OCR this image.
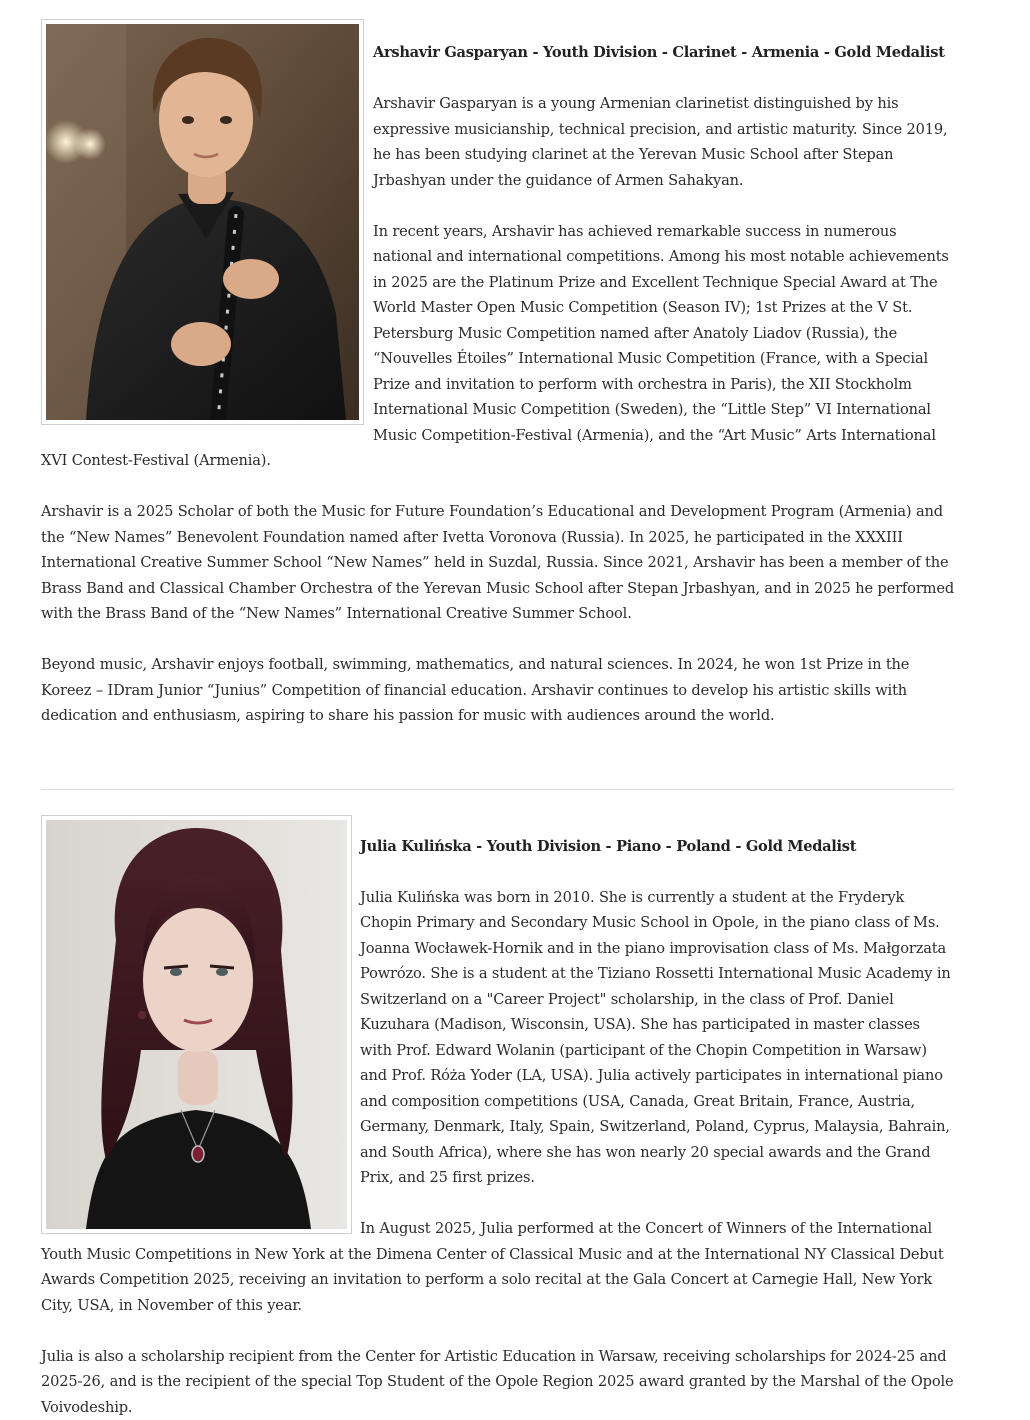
Arshavir Gasparyan - Youth Division - Clarinet - Armenia - Gold Medalist

Arshavir Gasparyan is a young Armenian clarinetist distinguished by his expressive musicianship, technical precision, and artistic maturity. Since 2019, he has been studying clarinet at the Yerevan Music School after Stepan Jrbashyan under the guidance of Armen Sahakyan.

In recent years, Arshavir has achieved remarkable success in numerous national and international competitions. Among his most notable achievements in 2025 are the Platinum Prize and Excellent Technique Special Award at The World Master Open Music Competition (Season IV); 1st Prizes at the V St. Petersburg Music Competition named after Anatoly Liadov (Russia), the “Nouvelles Étoiles” International Music Competition (France, with a Special Prize and invitation to perform with orchestra in Paris), the XII Stockholm International Music Competition (Sweden), the “Little Step” VI International Music Competition-Festival (Armenia), and the “Art Music” Arts International XVI Contest-Festival (Armenia).

Arshavir is a 2025 Scholar of both the Music for Future Foundation’s Educational and Development Program (Armenia) and the “New Names” Benevolent Foundation named after Ivetta Voronova (Russia). In 2025, he participated in the XXXIII International Creative Summer School “New Names” held in Suzdal, Russia. Since 2021, Arshavir has been a member of the Brass Band and Classical Chamber Orchestra of the Yerevan Music School after Stepan Jrbashyan, and in 2025 he performed with the Brass Band of the “New Names” International Creative Summer School.

Beyond music, Arshavir enjoys football, swimming, mathematics, and natural sciences. In 2024, he won 1st Prize in the Koreez – IDram Junior “Junius” Competition of financial education. Arshavir continues to develop his artistic skills with dedication and enthusiasm, aspiring to share his passion for music with audiences around the world.

Julia Kulińska - Youth Division - Piano - Poland - Gold Medalist

Julia Kulińska was born in 2010. She is currently a student at the Fryderyk Chopin Primary and Secondary Music School in Opole, in the piano class of Ms. Joanna Wocławek-Hornik and in the piano improvisation class of Ms. Małgorzata Powrózo. She is a student at the Tiziano Rossetti International Music Academy in Switzerland on a "Career Project" scholarship, in the class of Prof. Daniel Kuzuhara (Madison, Wisconsin, USA). She has participated in master classes with Prof. Edward Wolanin (participant of the Chopin Competition in Warsaw) and Prof. Róża Yoder (LA, USA). Julia actively participates in international piano and composition competitions (USA, Canada, Great Britain, France, Austria, Germany, Denmark, Italy, Spain, Switzerland, Poland, Cyprus, Malaysia, Bahrain, and South Africa), where she has won nearly 20 special awards and the Grand Prix, and 25 first prizes.

In August 2025, Julia performed at the Concert of Winners of the International Youth Music Competitions in New York at the Dimena Center of Classical Music and at the International NY Classical Debut Awards Competition 2025, receiving an invitation to perform a solo recital at the Gala Concert at Carnegie Hall, New York City, USA, in November of this year.

Julia is also a scholarship recipient from the Center for Artistic Education in Warsaw, receiving scholarships for 2024-25 and 2025-26, and is the recipient of the special Top Student of the Opole Region 2025 award granted by the Marshal of the Opole Voivodeship.
